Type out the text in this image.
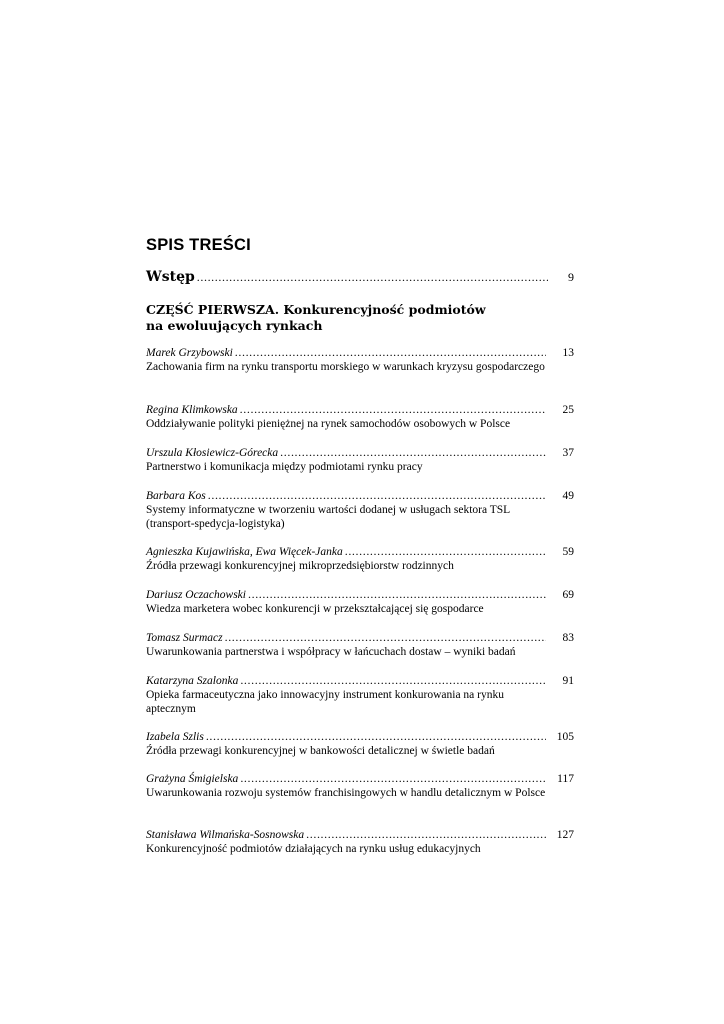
SPIS TREŚCI
Wstęp .....	9
CZĘŚĆ PIERWSZA. Konkurencyjność podmiotów
na ewoluujących rynkach
Marek Grzybowski .....	13
Zachowania firm na rynku transportu morskiego w warunkach kryzysu gospodarczego
Regina Klimkowska .....	25
Oddziaływanie polityki pieniężnej na rynek samochodów osobowych w Polsce
Urszula Kłosiewicz-Górecka .....	37
Partnerstwo i komunikacja między podmiotami rynku pracy
Barbara Kos .....	49
Systemy informatyczne w tworzeniu wartości dodanej w usługach sektora TSL (transport-spedycja-logistyka)
Agnieszka Kujawińska, Ewa Więcek-Janka .....	59
Źródła przewagi konkurencyjnej mikroprzedsiębiorstw rodzinnych
Dariusz Oczachowski .....	69
Wiedza marketera wobec konkurencji w przekształcającej się gospodarce
Tomasz Surmacz .....	83
Uwarunkowania partnerstwa i współpracy w łańcuchach dostaw – wyniki badań
Katarzyna Szalonka .....	91
Opieka farmaceutyczna jako innowacyjny instrument konkurowania na rynku aptecznym
Izabela Szlis .....	105
Źródła przewagi konkurencyjnej w bankowości detalicznej w świetle badań
Grażyna Śmigielska .....	117
Uwarunkowania rozwoju systemów franchisingowych w handlu detalicznym w Polsce
Stanisława Wilmańska-Sosnowska .....	127
Konkurencyjność podmiotów działających na rynku usług edukacyjnych
